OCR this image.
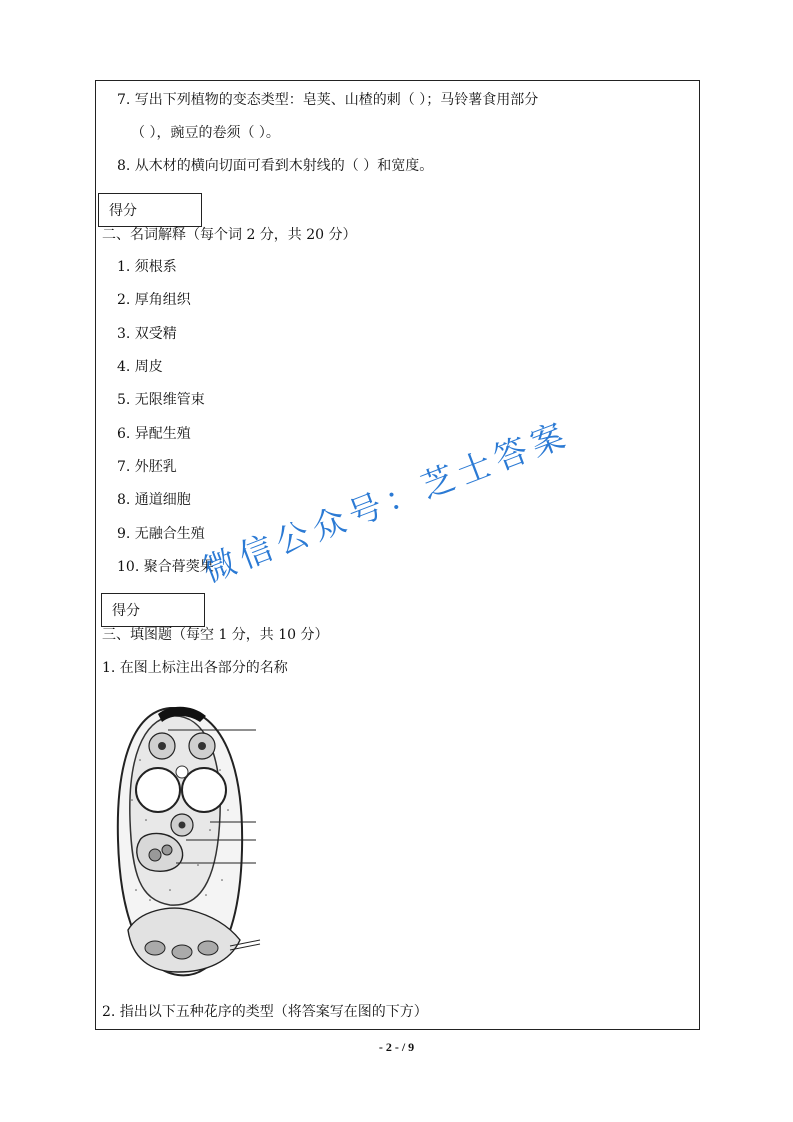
7. 写出下列植物的变态类型：皂荚、山楂的刺（ ）；马铃薯食用部分
（ ），豌豆的卷须（ ）。
8. 从木材的横向切面可看到木射线的（ ）和宽度。
得分
二、名词解释（每个词 2 分，共 20 分）
1. 须根系
2. 厚角组织
3. 双受精
4. 周皮
5. 无限维管束
6. 异配生殖
7. 外胚乳
8. 通道细胞
9. 无融合生殖
10. 聚合蓇葖果
得分
三、填图题（每空 1 分，共 10 分）
1. 在图上标注出各部分的名称
2. 指出以下五种花序的类型（将答案写在图的下方）
微信公众号：芝士答案
- 2 - / 9
